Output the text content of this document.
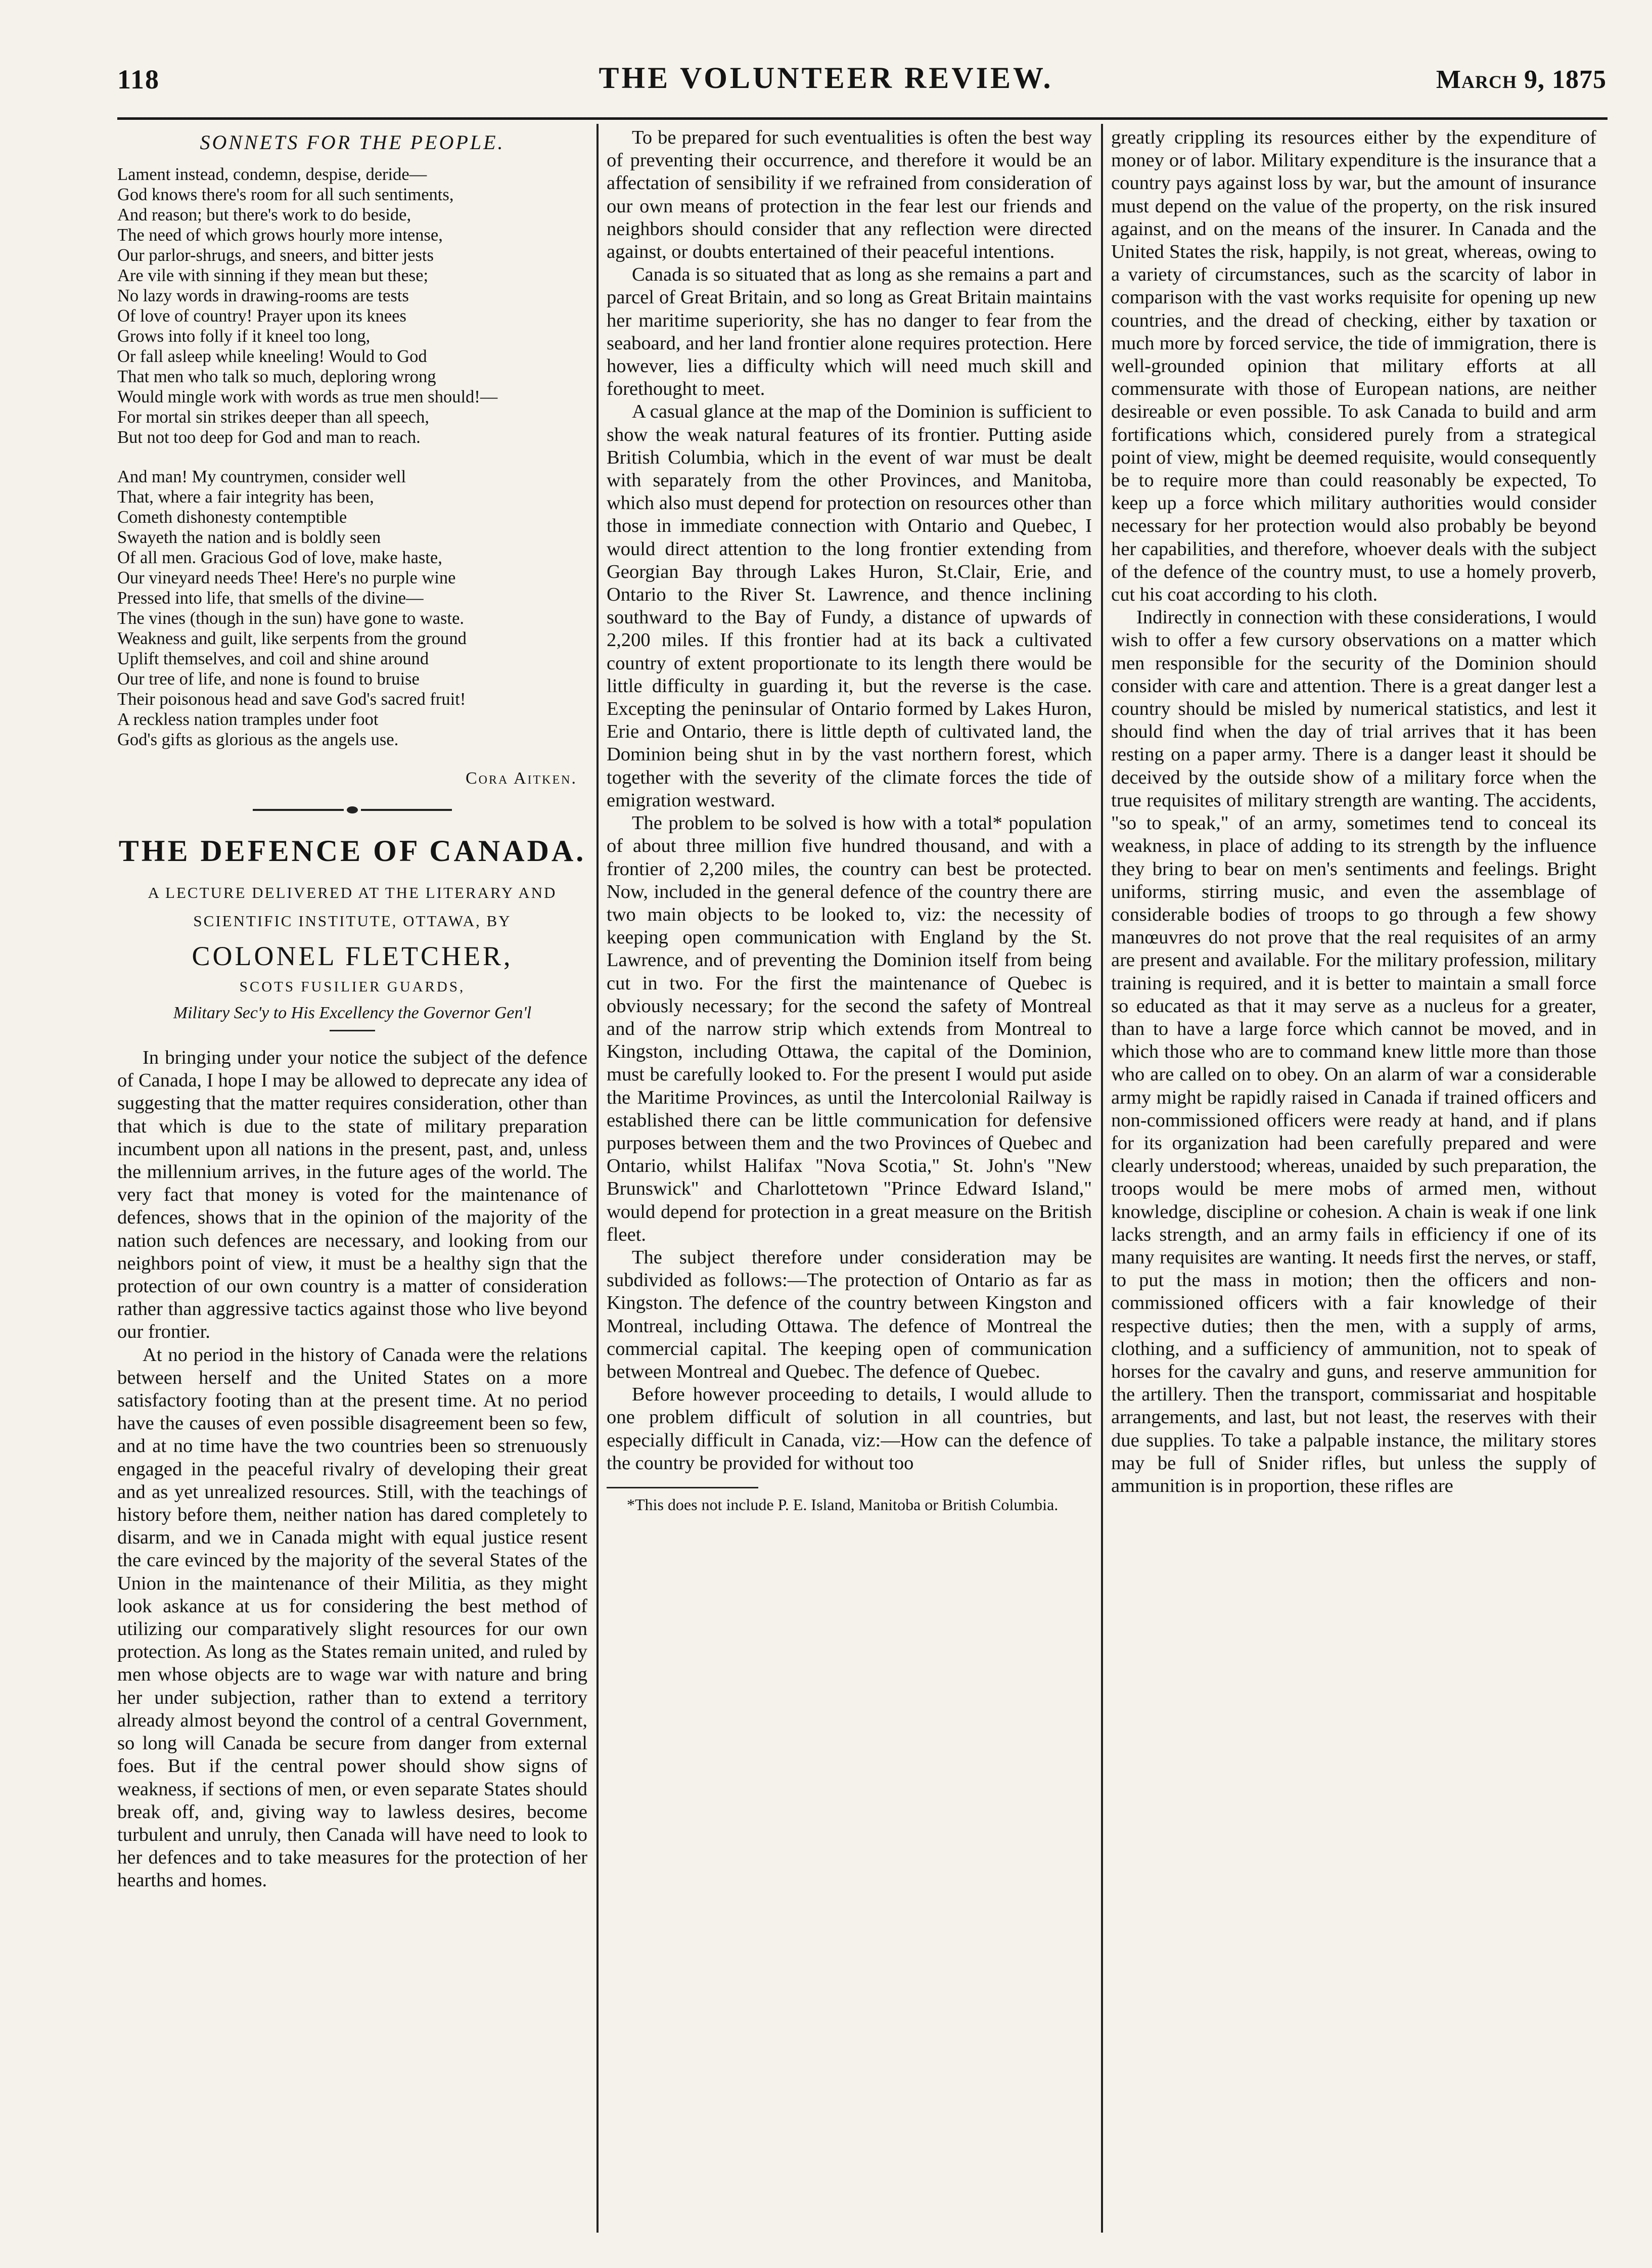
118	THE VOLUNTEER REVIEW.	March 9, 1875
SONNETS FOR THE PEOPLE.

Lament instead, condemn, despise, deride—
God knows there's room for all such sentiments,
And reason; but there's work to do beside,
The need of which grows hourly more intense,
Our parlor-shrugs, and sneers, and bitter jests
Are vile with sinning if they mean but these;
No lazy words in drawing-rooms are tests
Of love of country! Prayer upon its knees
Grows into folly if it kneel too long,
Or fall asleep while kneeling! Would to God
That men who talk so much, deploring wrong
Would mingle work with words as true men should!—
For mortal sin strikes deeper than all speech,
But not too deep for God and man to reach.

And man! My countrymen, consider well
That, where a fair integrity has been,
Cometh dishonesty contemptible
Swayeth the nation and is boldly seen
Of all men. Gracious God of love, make haste,
Our vineyard needs Thee! Here's no purple wine
Pressed into life, that smells of the divine—
The vines (though in the sun) have gone to waste.
Weakness and guilt, like serpents from the ground
Uplift themselves, and coil and shine around
Our tree of life, and none is found to bruise
Their poisonous head and save God's sacred fruit!
A reckless nation tramples under foot
God's gifts as glorious as the angels use.

Cora Aitken.
THE DEFENCE OF CANADA.
A LECTURE DELIVERED AT THE LITERARY AND
SCIENTIFIC INSTITUTE, OTTAWA, BY
COLONEL FLETCHER,
SCOTS FUSILIER GUARDS,
Military Sec'y to His Excellency the Governor Gen'l

In bringing under your notice the subject of the defence of Canada, I hope I may be allowed to deprecate any idea of suggesting that the matter requires consideration, other than that which is due to the state of military preparation incumbent upon all nations in the present, past, and, unless the millennium arrives, in the future ages of the world. The very fact that money is voted for the maintenance of defences, shows that in the opinion of the majority of the nation such defences are necessary, and looking from our neighbors point of view, it must be a healthy sign that the protection of our own country is a matter of consideration rather than aggressive tactics against those who live beyond our frontier.

At no period in the history of Canada were the relations between herself and the United States on a more satisfactory footing than at the present time. At no period have the causes of even possible disagreement been so few, and at no time have the two countries been so strenuously engaged in the peaceful rivalry of developing their great and as yet unrealized resources. Still, with the teachings of history before them, neither nation has dared completely to disarm, and we in Canada might with equal justice resent the care evinced by the majority of the several States of the Union in the maintenance of their Militia, as they might look askance at us for considering the best method of utilizing our comparatively slight resources for our own protection. As long as the States remain united, and ruled by men whose objects are to wage war with nature and bring her under subjection, rather than to extend a territory already almost beyond the control of a central Government, so long will Canada be secure from danger from external foes. But if the central power should show signs of weakness, if sections of men, or even separate States should break off, and, giving way to lawless desires, become turbulent and unruly, then Canada will have need to look to her defences and to take measures for the protection of her hearths and homes.

To be prepared for such eventualities is often the best way of preventing their occurrence, and therefore it would be an affectation of sensibility if we refrained from consideration of our own means of protection in the fear lest our friends and neighbors should consider that any reflection were directed against, or doubts entertained of their peaceful intentions.

Canada is so situated that as long as she remains a part and parcel of Great Britain, and so long as Great Britain maintains her maritime superiority, she has no danger to fear from the seaboard, and her land frontier alone requires protection. Here however, lies a difficulty which will need much skill and forethought to meet.

A casual glance at the map of the Dominion is sufficient to show the weak natural features of its frontier. Putting aside British Columbia, which in the event of war must be dealt with separately from the other Provinces, and Manitoba, which also must depend for protection on resources other than those in immediate connection with Ontario and Quebec, I would direct attention to the long frontier extending from Georgian Bay through Lakes Huron, St.Clair, Erie, and Ontario to the River St. Lawrence, and thence inclining southward to the Bay of Fundy, a distance of upwards of 2,200 miles. If this frontier had at its back a cultivated country of extent proportionate to its length there would be little difficulty in guarding it, but the reverse is the case. Excepting the peninsular of Ontario formed by Lakes Huron, Erie and Ontario, there is little depth of cultivated land, the Dominion being shut in by the vast northern forest, which together with the severity of the climate forces the tide of emigration westward.

The problem to be solved is how with a total* population of about three million five hundred thousand, and with a frontier of 2,200 miles, the country can best be protected. Now, included in the general defence of the country there are two main objects to be looked to, viz: the necessity of keeping open communication with England by the St. Lawrence, and of preventing the Dominion itself from being cut in two. For the first the maintenance of Quebec is obviously necessary; for the second the safety of Montreal and of the narrow strip which extends from Montreal to Kingston, including Ottawa, the capital of the Dominion, must be carefully looked to. For the present I would put aside the Maritime Provinces, as until the Intercolonial Railway is established there can be little communication for defensive purposes between them and the two Provinces of Quebec and Ontario, whilst Halifax "Nova Scotia," St. John's "New Brunswick" and Charlottetown "Prince Edward Island," would depend for protection in a great measure on the British fleet.

The subject therefore under consideration may be subdivided as follows:—The protection of Ontario as far as Kingston. The defence of the country between Kingston and Montreal, including Ottawa. The defence of Montreal the commercial capital. The keeping open of communication between Montreal and Quebec. The defence of Quebec.

Before however proceeding to details, I would allude to one problem difficult of solution in all countries, but especially difficult in Canada, viz:—How can the defence of the country be provided for without too

*This does not include P. E. Island, Manitoba or British Columbia.

greatly crippling its resources either by the expenditure of money or of labor. Military expenditure is the insurance that a country pays against loss by war, but the amount of insurance must depend on the value of the property, on the risk insured against, and on the means of the insurer. In Canada and the United States the risk, happily, is not great, whereas, owing to a variety of circumstances, such as the scarcity of labor in comparison with the vast works requisite for opening up new countries, and the dread of checking, either by taxation or much more by forced service, the tide of immigration, there is well-grounded opinion that military efforts at all commensurate with those of European nations, are neither desireable or even possible. To ask Canada to build and arm fortifications which, considered purely from a strategical point of view, might be deemed requisite, would consequently be to require more than could reasonably be expected, To keep up a force which military authorities would consider necessary for her protection would also probably be beyond her capabilities, and therefore, whoever deals with the subject of the defence of the country must, to use a homely proverb, cut his coat according to his cloth.

Indirectly in connection with these considerations, I would wish to offer a few cursory observations on a matter which men responsible for the security of the Dominion should consider with care and attention. There is a great danger lest a country should be misled by numerical statistics, and lest it should find when the day of trial arrives that it has been resting on a paper army. There is a danger least it should be deceived by the outside show of a military force when the true requisites of military strength are wanting. The accidents, "so to speak," of an army, sometimes tend to conceal its weakness, in place of adding to its strength by the influence they bring to bear on men's sentiments and feelings. Bright uniforms, stirring music, and even the assemblage of considerable bodies of troops to go through a few showy manœuvres do not prove that the real requisites of an army are present and available. For the military profession, military training is required, and it is better to maintain a small force so educated as that it may serve as a nucleus for a greater, than to have a large force which cannot be moved, and in which those who are to command knew little more than those who are called on to obey. On an alarm of war a considerable army might be rapidly raised in Canada if trained officers and non-commissioned officers were ready at hand, and if plans for its organization had been carefully prepared and were clearly understood; whereas, unaided by such preparation, the troops would be mere mobs of armed men, without knowledge, discipline or cohesion. A chain is weak if one link lacks strength, and an army fails in efficiency if one of its many requisites are wanting. It needs first the nerves, or staff, to put the mass in motion; then the officers and non-commissioned officers with a fair knowledge of their respective duties; then the men, with a supply of arms, clothing, and a sufficiency of ammunition, not to speak of horses for the cavalry and guns, and reserve ammunition for the artillery. Then the transport, commissariat and hospitable arrangements, and last, but not least, the reserves with their due supplies. To take a palpable instance, the military stores may be full of Snider rifles, but unless the supply of ammunition is in proportion, these rifles are
